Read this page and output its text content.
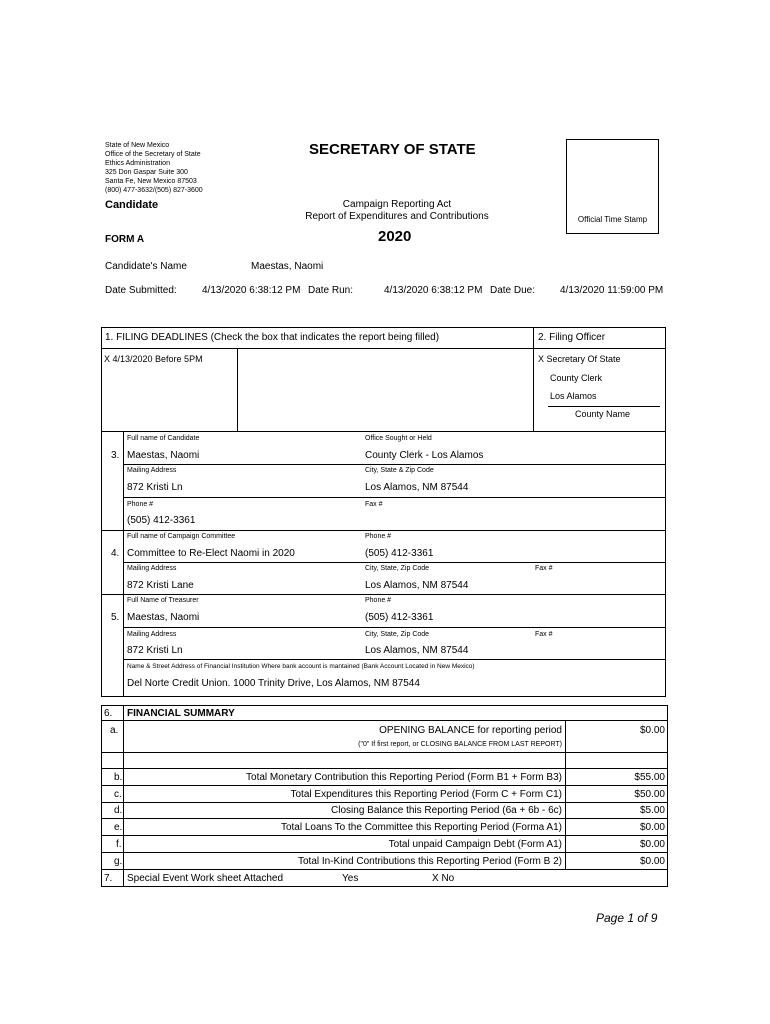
State of New Mexico
Office of the Secretary of State
Ethics Administration
325 Don Gaspar Suite 300
Santa Fe, New Mexico 87503
(800) 477-3632/(505) 827-3600
SECRETARY OF STATE
Candidate	Campaign Reporting Act
Report of Expenditures and Contributions
2020
FORM A
Official Time Stamp
Candidate's Name	Maestas, Naomi
Date Submitted:	4/13/2020 6:38:12 PM Date Run:	4/13/2020 6:38:12 PM Date Due: 4/13/2020 11:59:00 PM
1. FILING DEADLINES (Check the box that indicates the report being filled)	2. Filing Officer
X 4/13/2020 Before 5PM	X Secretary Of State
County Clerk
Los Alamos
County Name
Full name of Candidate	Office Sought or Held
3. Maestas, Naomi	County Clerk - Los Alamos
Mailing Address	City, State & Zip Code
872 Kristi Ln	Los Alamos, NM 87544
Phone #	Fax #
(505) 412-3361
Full name of Campaign Committee	Phone #
4. Committee to Re-Elect Naomi in 2020	(505) 412-3361
Mailing Address	City, State, Zip Code	Fax #
872 Kristi Lane	Los Alamos, NM 87544
Full Name of Treasurer	Phone #
5. Maestas, Naomi	(505) 412-3361
Mailing Address	City, State, Zip Code	Fax #
872 Kristi Ln	Los Alamos, NM 87544
Name & Street Address of Financial Institution Where bank account is mantained (Bank Account Located in New Mexico)
Del Norte Credit Union. 1000 Trinity Drive, Los Alamos, NM 87544
6. FINANCIAL SUMMARY
a.	OPENING BALANCE for reporting period	$0.00
("0" If first report, or CLOSING BALANCE FROM LAST REPORT)
b.	Total Monetary Contribution this Reporting Period (Form B1 + Form B3)	$55.00
c.	Total Expenditures this Reporting Period (Form C + Form C1)	$50.00
d.	Closing Balance this Reporting Period (6a + 6b - 6c)	$5.00
e.	Total Loans To the Committee this Reporting Period (Forma A1)	$0.00
f.	Total unpaid Campaign Debt (Form A1)	$0.00
g.	Total In-Kind Contributions this Reporting Period (Form B 2)	$0.00
7. Special Event Work sheet Attached	Yes	X No
Page 1 of 9
